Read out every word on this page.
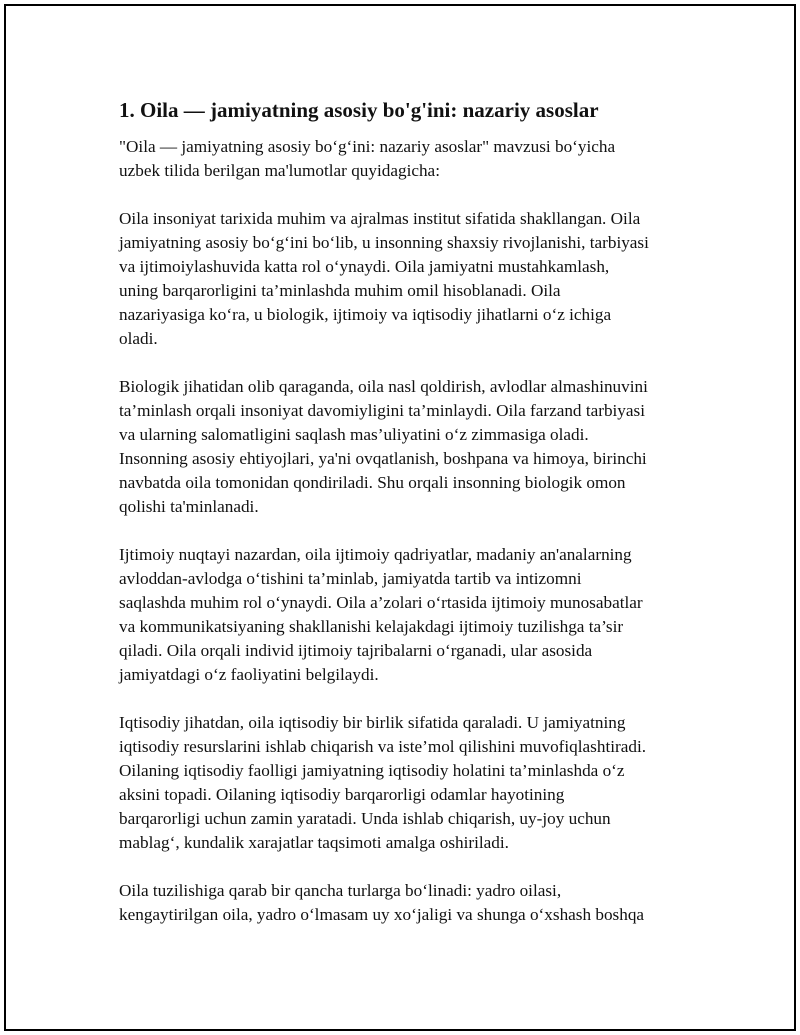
1. Oila — jamiyatning asosiy bo'g'ini: nazariy asoslar

"Oila — jamiyatning asosiy bo‘g‘ini: nazariy asoslar" mavzusi bo‘yicha
uzbek tilida berilgan ma'lumotlar quyidagicha:

Oila insoniyat tarixida muhim va ajralmas institut sifatida shakllangan. Oila
jamiyatning asosiy bo‘g‘ini bo‘lib, u insonning shaxsiy rivojlanishi, tarbiyasi
va ijtimoiylashuvida katta rol o‘ynaydi. Oila jamiyatni mustahkamlash,
uning barqarorligini ta’minlashda muhim omil hisoblanadi. Oila
nazariyasiga ko‘ra, u biologik, ijtimoiy va iqtisodiy jihatlarni o‘z ichiga
oladi.

Biologik jihatidan olib qaraganda, oila nasl qoldirish, avlodlar almashinuvini
ta’minlash orqali insoniyat davomiyligini ta’minlaydi. Oila farzand tarbiyasi
va ularning salomatligini saqlash mas’uliyatini o‘z zimmasiga oladi.
Insonning asosiy ehtiyojlari, ya'ni ovqatlanish, boshpana va himoya, birinchi
navbatda oila tomonidan qondiriladi. Shu orqali insonning biologik omon
qolishi ta'minlanadi.

Ijtimoiy nuqtayi nazardan, oila ijtimoiy qadriyatlar, madaniy an'analarning
avloddan-avlodga o‘tishini ta’minlab, jamiyatda tartib va intizomni
saqlashda muhim rol o‘ynaydi. Oila a’zolari o‘rtasida ijtimoiy munosabatlar
va kommunikatsiyaning shakllanishi kelajakdagi ijtimoiy tuzilishga ta’sir
qiladi. Oila orqali individ ijtimoiy tajribalarni o‘rganadi, ular asosida
jamiyatdagi o‘z faoliyatini belgilaydi.

Iqtisodiy jihatdan, oila iqtisodiy bir birlik sifatida qaraladi. U jamiyatning
iqtisodiy resurslarini ishlab chiqarish va iste’mol qilishini muvofiqlashtiradi.
Oilaning iqtisodiy faolligi jamiyatning iqtisodiy holatini ta’minlashda o‘z
aksini topadi. Oilaning iqtisodiy barqarorligi odamlar hayotining
barqarorligi uchun zamin yaratadi. Unda ishlab chiqarish, uy-joy uchun
mablag‘, kundalik xarajatlar taqsimoti amalga oshiriladi.

Oila tuzilishiga qarab bir qancha turlarga bo‘linadi: yadro oilasi,
kengaytirilgan oila, yadro o‘lmasam uy xo‘jaligi va shunga o‘xshash boshqa
